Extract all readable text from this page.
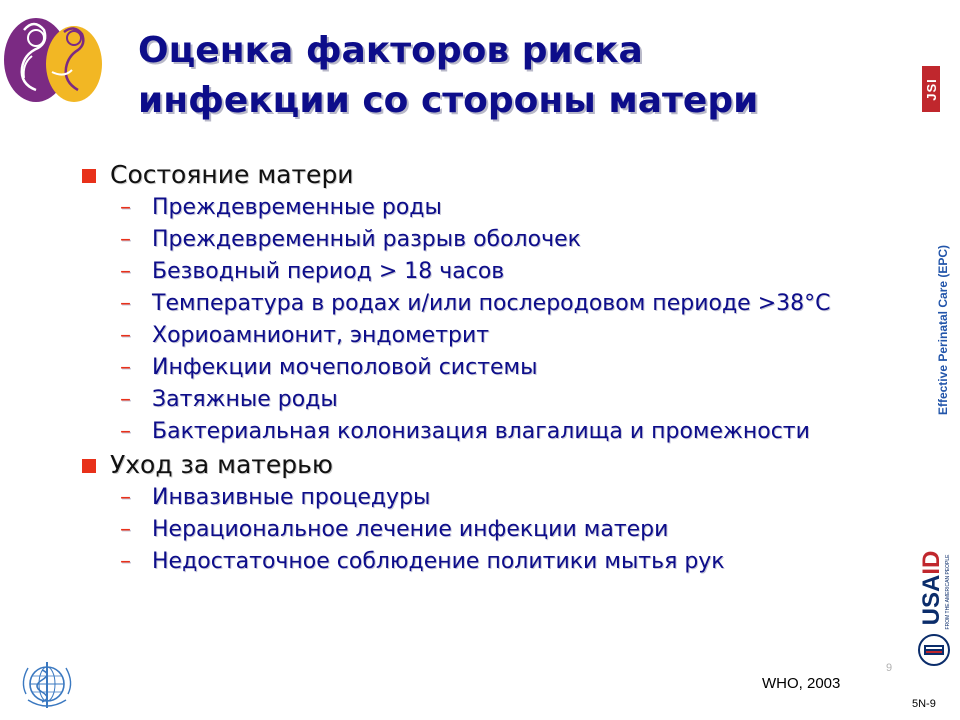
Оценка факторов риска
инфекции со стороны матери	JSI
Effective Perinatal Care (EPC)
Состояние матери
– Преждевременные роды
– Преждевременный разрыв оболочек
– Безводный период > 18 часов
– Температура в родах и/или послеродовом периоде >38°C
– Хориоамнионит, эндометрит
– Инфекции мочеполовой системы
– Затяжные роды
– Бактериальная колонизация влагалища и промежности
Уход за матерью
– Инвазивные процедуры
– Нерациональное лечение инфекции матери
– Недостаточное соблюдение политики мытья рук
9
WHO, 2003
5N-9
USAID FROM THE AMERICAN PEOPLE
